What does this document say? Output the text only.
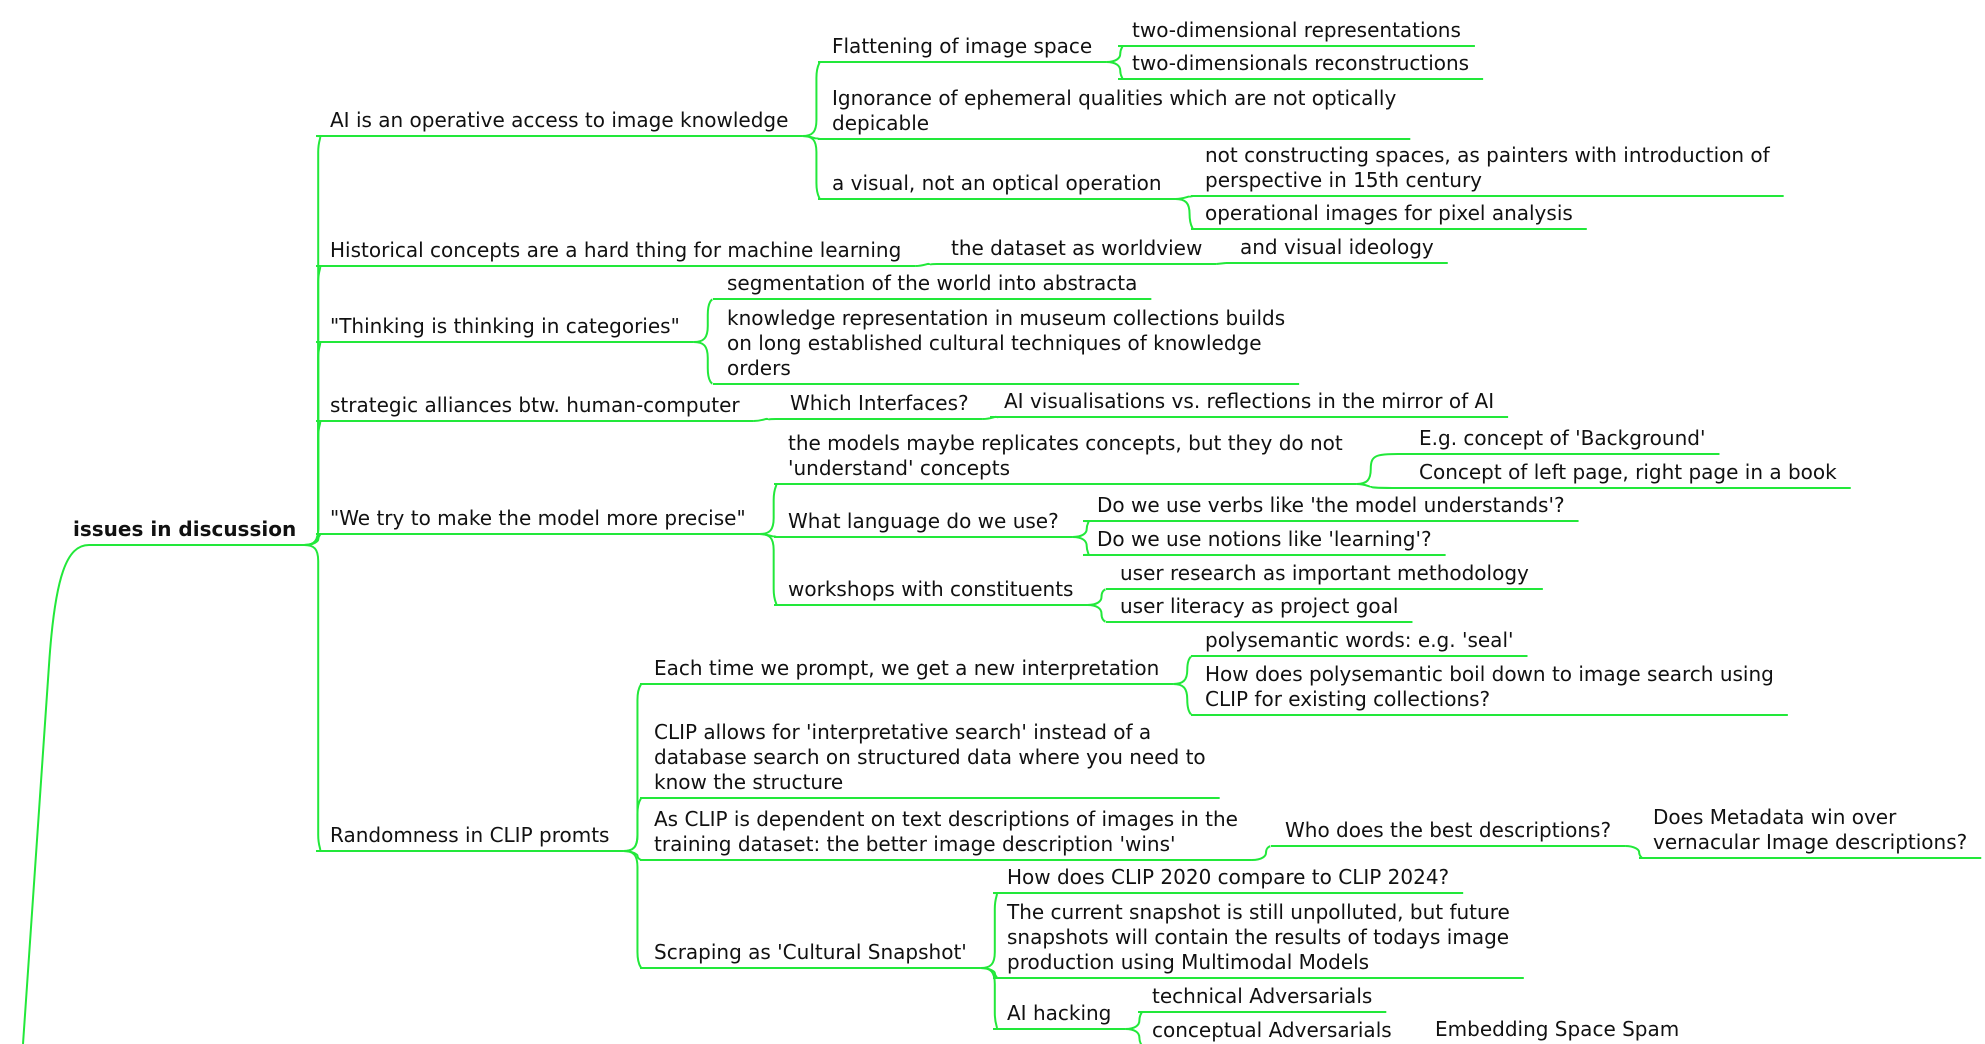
issues in discussion
AI is an operative access to image knowledge
Flattening of image space
two-dimensional representations
two-dimensionals reconstructions
Ignorance of ephemeral qualities which are not optically
depicable
a visual, not an optical operation
not constructing spaces, as painters with introduction of
perspective in 15th century
operational images for pixel analysis
Historical concepts are a hard thing for machine learning the dataset as worldview and visual ideology
"Thinking is thinking in categories"
segmentation of the world into abstracta
knowledge representation in museum collections builds
on long established cultural techniques of knowledge
orders
strategic alliances btw. human-computer	Which Interfaces? AI visualisations vs. reflections in the mirror of AI
"We try to make the model more precise"
the models maybe replicates concepts, but they do not
'understand' concepts
E.g. concept of 'Background'
Concept of left page, right page in a book
What language do we use?
Do we use verbs like 'the model understands'?
Do we use notions like 'learning'?
workshops with constituents
user research as important methodology
user literacy as project goal
Randomness in CLIP promts
Each time we prompt, we get a new interpretation
polysemantic words: e.g. 'seal'
How does polysemantic boil down to image search using
CLIP for existing collections?
CLIP allows for 'interpretative search' instead of a
database search on structured data where you need to
know the structure
As CLIP is dependent on text descriptions of images in the
training dataset: the better image description 'wins'
Who does the best descriptions?
Does Metadata win over
vernacular Image descriptions?
Scraping as 'Cultural Snapshot'
How does CLIP 2020 compare to CLIP 2024?
The current snapshot is still unpolluted, but future
snapshots will contain the results of todays image
production using Multimodal Models
AI hacking
technical Adversarials
conceptual Adversarials Embedding Space Spam
